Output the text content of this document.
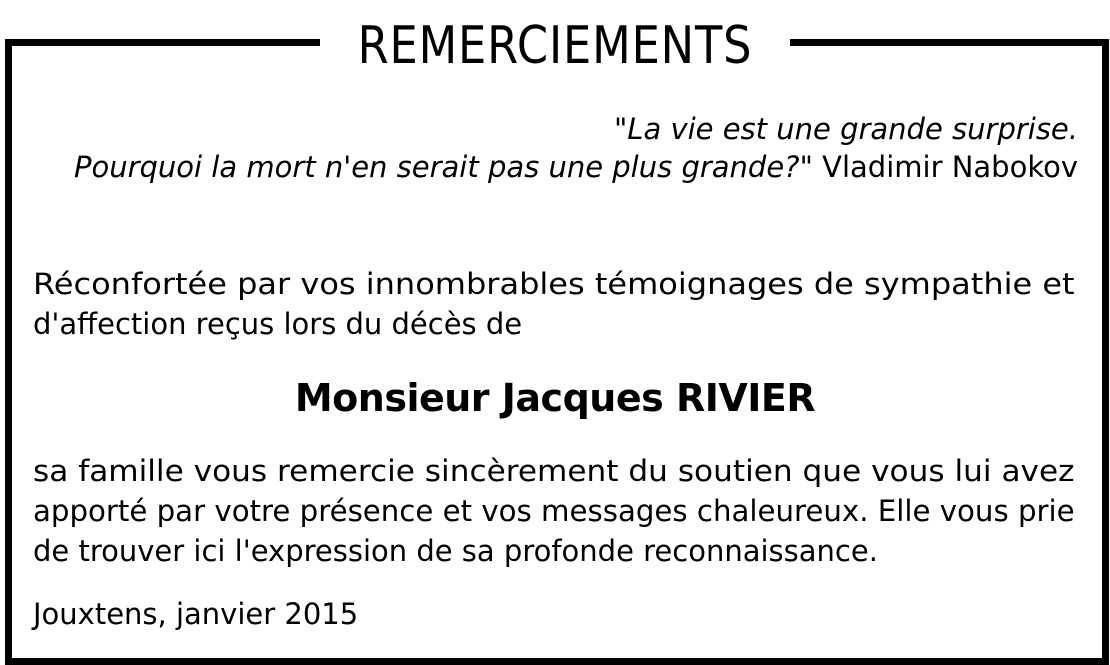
REMERCIEMENTS
"La vie est une grande surprise. Pourquoi la mort n'en serait pas une plus grande?" Vladimir Nabokov
Réconfortée par vos innombrables témoignages de sympathie et d'affection reçus lors du décès de
Monsieur Jacques RIVIER
sa famille vous remercie sincèrement du soutien que vous lui avez apporté par votre présence et vos messages chaleureux. Elle vous prie de trouver ici l'expression de sa profonde reconnaissance.
Jouxtens, janvier 2015
